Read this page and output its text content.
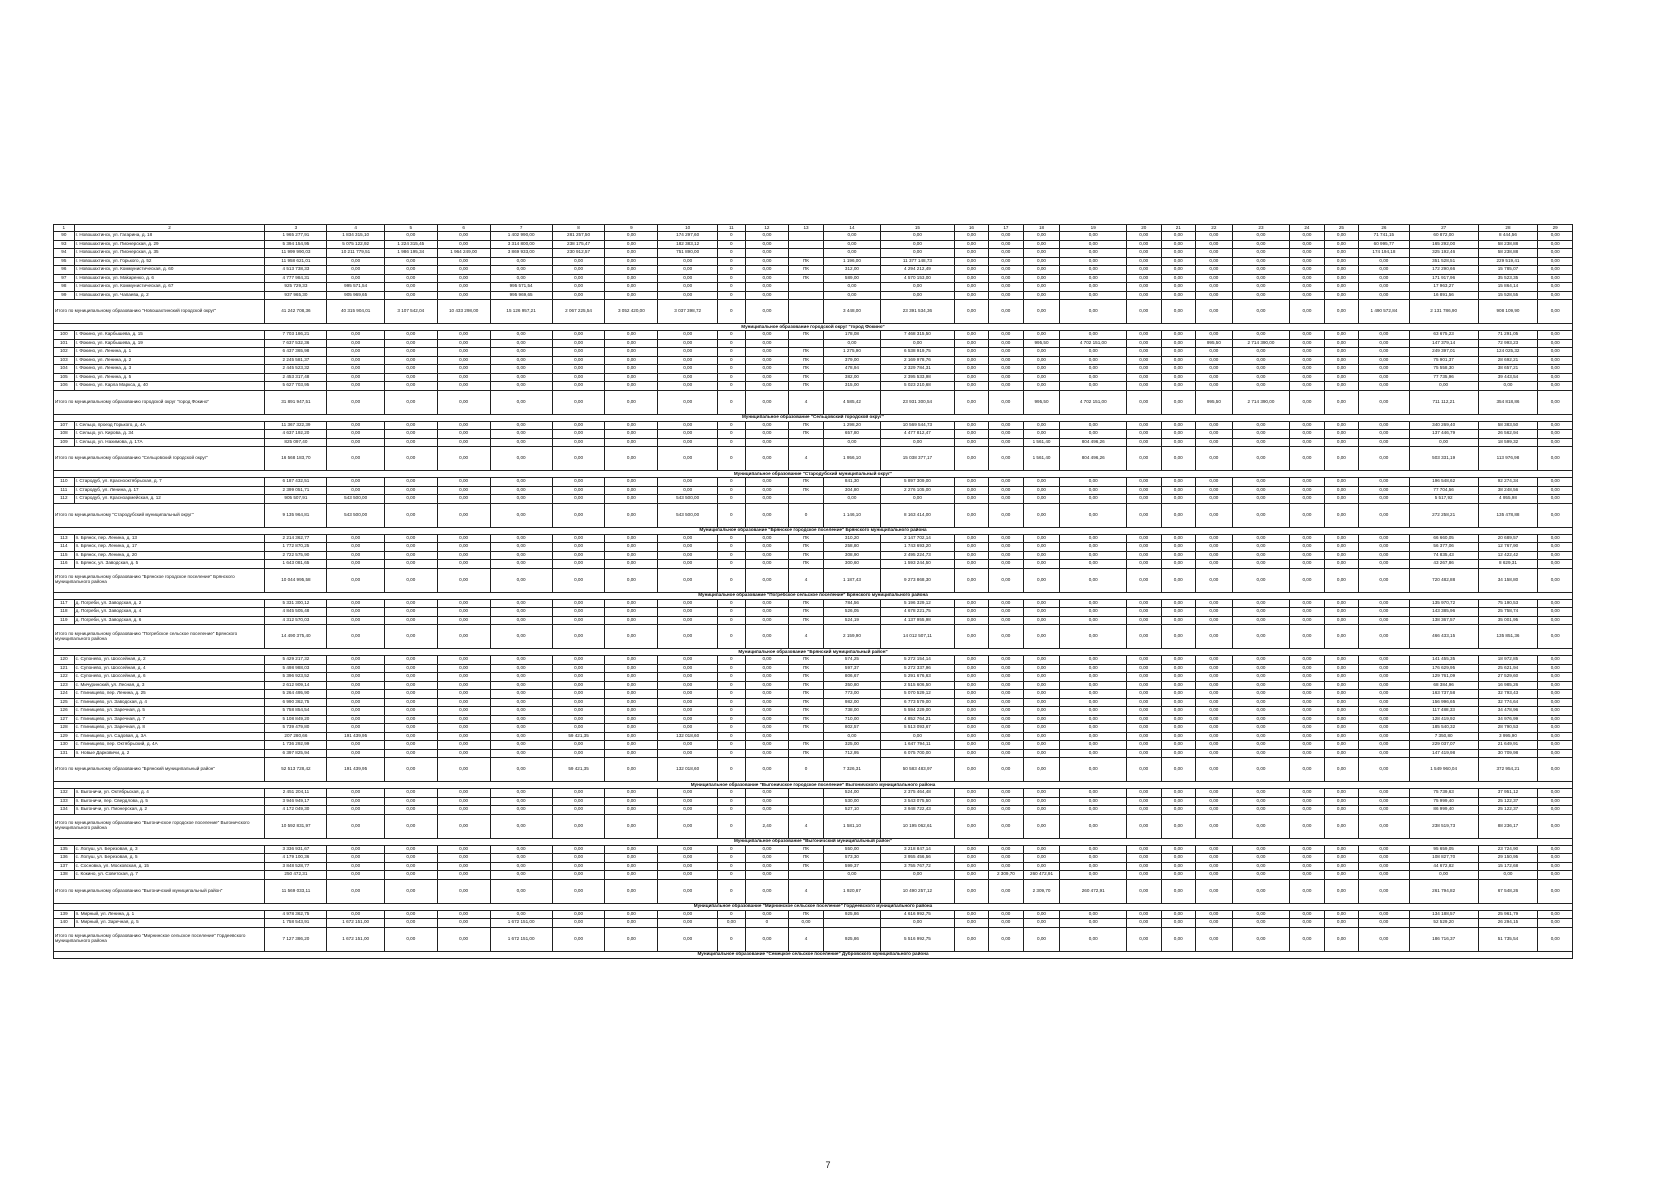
1	2	3	4	5	6	7	8	9	10	11	12	13	14	15	16	17	18	19	20	21	22	23	24	25	26	27	28	29
90	г. Новошахтинск, ул. Гагарина, д. 18	1 965 277,91	1 834 315,10	0,00	0,00	1 402 990,00	281 257,50	0,00	174 297,60	0	0,00		0,00	0,00	0,00	0,00	0,00	0,00	0,00	0,00	0,00	0,00	0,00	0,00	71 741,15	60 872,00	8 444,56	0,00
93	г. Новошахтинск, ул. Пионерская, д. 29	5 394 154,95	5 075 122,92	1 224 315,45	0,00	3 314 800,00	238 175,47	0,00	182 383,12	0	0,00		0,00	0,00	0,00	0,00	0,00	0,00	0,00	0,00	0,00	0,00	0,00	0,00	60 995,77	165 292,00	58 238,88	0,00
94	г. Новошахтинск, ул. Пионерская, д. 35	11 999 990,03	10 211 779,51	1 986 195,34	1 964 249,00	3 869 933,00	230 912,57	0,00	751 890,00	0	0,00		0,00	0,00	0,00	0,00	0,00	0,00	0,00	0,00	0,00	0,00	0,00	0,00	174 194,18	325 192,46	58 238,88	0,00
95	г. Новошахтинск, ул. Горького, д. 52	11 958 621,01	0,00	0,00	0,00	0,00	0,00	0,00	0,00	0	0,00	ПК	1 196,00	11 377 148,73	0,00	0,00	0,00	0,00	0,00	0,00	0,00	0,00	0,00	0,00	0,00	351 528,51	229 519,41	0,00
96	г. Новошахтинск, ул. Коммунистическая, д. 60	4 513 738,33	0,00	0,00	0,00	0,00	0,00	0,00	0,00	0	0,00	ПК	312,00	4 294 212,49	0,00	0,00	0,00	0,00	0,00	0,00	0,00	0,00	0,00	0,00	0,00	172 290,66	15 785,07	0,00
97	г. Новошахтинск, ул. Makаренко, д. 6	4 777 984,31	0,00	0,00	0,00	0,00	0,00	0,00	0,00	0	0,00	ПК	589,00	4 570 153,00	0,00	0,00	0,00	0,00	0,00	0,00	0,00	0,00	0,00	0,00	0,00	171 917,96	35 523,35	0,00
98	г. Новошахтинск, ул. Коммунистическая, д. 67	925 729,33	995 571,54	0,00	0,00	995 571,54	0,00	0,00	0,00	0	0,00		0,00	0,00	0,00	0,00	0,00	0,00	0,00	0,00	0,00	0,00	0,00	0,00	0,00	17 963,27	15 864,14	0,00
99	г. Новошахтинск, ул. Чапаева, д. 2	937 965,30	905 969,65	0,00	0,00	995 969,65	0,00	0,00	0,00	0	0,00		0,00	0,00	0,00	0,00	0,00	0,00	0,00	0,00	0,00	0,00	0,00	0,00	0,00	16 891,56	15 528,55	0,00
Итого по муниципальному образованию "Новошахтинский городской округ"		41 242 708,36	40 315 904,01	3 107 542,04	10 433 298,00	15 126 957,21	2 067 225,54	3 052 420,00	3 037 398,72	0	0,00		3 448,00	23 391 534,36	0,00	0,00	0,00	0,00	0,00	0,00	0,00	0,00	0,00	0,00	1 490 572,84	2 131 786,90	908 109,90	0,00
Муниципальное образование городской округ "город Фокино"																												
100	г. Фокино, ул. Карбышева, д. 15	7 703 186,21	0,00	0,00	0,00	0,00	0,00	0,00	0,00	0	0,00	ПК	178,08	7 468 315,50	0,00	0,00	0,00	0,00	0,00	0,00	0,00	0,00	0,00	0,00	0,00	63 675,23	71 291,05	0,00
101	г. Фокино, ул. Карбышева, д. 19	7 637 532,36	0,00	0,00	0,00	0,00	0,00	0,00	0,00	0	0,00		0,00	0,00	0,00	0,00	995,50	4 702 151,00	0,00	0,00	995,50	2 714 390,00	0,00	0,00	0,00	147 379,14	72 993,23	0,00
102	г. Фокино, ул. Ленина, д. 1	6 437 365,98	0,00	0,00	0,00	0,00	0,00	0,00	0,00	0	0,00	ПК	1 275,90	6 538 919,75	0,00	0,00	0,00	0,00	0,00	0,00	0,00	0,00	0,00	0,00	0,00	249 397,01	124 025,32	0,00
103	г. Фокино, ул. Ленина, д. 2	2 245 581,37	0,00	0,00	0,00	0,00	0,00	0,00	0,00	0	0,00	ПК	379,00	2 169 978,76	0,00	0,00	0,00	0,00	0,00	0,00	0,00	0,00	0,00	0,00	0,00	75 901,37	28 692,21	0,00
104	г. Фокино, ул. Ленина, д. 3	2 445 523,32	0,00	0,00	0,00	0,00	0,00	0,00	0,00	0	0,00	ПК	478,94	2 329 784,31	0,00	0,00	0,00	0,00	0,00	0,00	0,00	0,00	0,00	0,00	0,00	75 558,30	38 657,21	0,00
105	г. Фокино, ул. Ленина, д. 5	2 453 317,48	0,00	0,00	0,00	0,00	0,00	0,00	0,00	0	0,00	ПК	382,00	2 395 533,98	0,00	0,00	0,00	0,00	0,00	0,00	0,00	0,00	0,00	0,00	0,00	77 735,96	39 443,54	0,00
106	г. Фокино, ул. Карла Маркса, д. 40	5 627 703,95	0,00	0,00	0,00	0,00	0,00	0,00	0,00	0	0,00	ПК	315,00	5 023 210,68	0,00	0,00	0,00	0,00	0,00	0,00	0,00	0,00	0,00	0,00	0,00	0,00	0,00	0,00
Итого по муниципальному образованию городской округ "город Фокино"		31 891 947,51	0,00	0,00	0,00	0,00	0,00	0,00	0,00	0	0,00	4	4 585,42	23 931 300,54	0,00	0,00	995,50	4 702 151,00	0,00	0,00	995,50	2 714 390,00	0,00	0,00	0,00	711 112,21	354 818,86	0,00
Муниципальное образование "Сельцовский городской округ"																												
107	г. Сельцо, проезд Горького, д. 4А	11 367 322,39	0,00	0,00	0,00	0,00	0,00	0,00	0,00	0	0,00	ПК	1 298,20	10 569 544,73	0,00	0,00	0,00	0,00	0,00	0,00	0,00	0,00	0,00	0,00	0,00	340 269,40	58 383,50	0,00
108	г. Сельцо, ул. Кирова, д. 34	4 637 192,20	0,00	0,00	0,00	0,00	0,00	0,00	0,00	0	0,00	ПК	657,80	4 477 812,47	0,00	0,00	0,00	0,00	0,00	0,00	0,00	0,00	0,00	0,00	0,00	137 446,79	26 562,94	0,00
109	г. Сельцо, ул. Нахимова, д. 17А	825 097,40	0,00	0,00	0,00	0,00	0,00	0,00	0,00	0	0,00		0,00	0,00	0,00	0,00	1 561,40	804 496,26	0,00	0,00	0,00	0,00	0,00	0,00	0,00	0,00	18 599,32	0,00
Итого по муниципальному образованию "Сельцовский городской округ"		16 568 183,70	0,00	0,00	0,00	0,00	0,00	0,00	0,00	0	0,00	4	1 956,10	15 038 377,17	0,00	0,00	1 561,40	804 496,26	0,00	0,00	0,00	0,00	0,00	0,00	0,00	503 331,19	113 976,98	0,00
Муниципальное образование "Стародубский муниципальный округ"																												
110	г. Стародуб, ул. Краснооктябрьская, д. 7	6 187 432,51	0,00	0,00	0,00	0,00	0,00	0,00	0,00	0	0,00	ПК	841,30	5 897 309,00	0,00	0,00	0,00	0,00	0,00	0,00	0,00	0,00	0,00	0,00	0,00	196 548,62	92 274,34	0,00
111	г. Стародуб, ул. Ленина, д. 17	2 399 051,71	0,00	0,00	0,00	0,00	0,00	0,00	0,00	0	0,00	ПК	304,80	2 276 105,00	0,00	0,00	0,00	0,00	0,00	0,00	0,00	0,00	0,00	0,00	0,00	77 704,56	38 248,56	0,00
112	г. Стародуб, ул. Красноармейская, д. 12	905 507,91	543 500,00	0,00	0,00	0,00	0,00	0,00	543 500,00	0	0,00		0,00	0,00	0,00	0,00	0,00	0,00	0,00	0,00	0,00	0,00	0,00	0,00	0,00	5 517,92	4 955,98	0,00
Итого по муниципальному "Стародубский муниципальный округ"		9 135 964,81	543 500,00	0,00	0,00	0,00	0,00	0,00	543 500,00	0	0,00	0	1 146,10	8 163 414,00	0,00	0,00	0,00	0,00	0,00	0,00	0,00	0,00	0,00	0,00	0,00	272 258,21	135 478,88	0,00
Муниципальное образование "Брянское городское поселение" Брянского муниципального района																												
113	п. Брянск, пер. Ленина, д. 13	2 214 362,77	0,00	0,00	0,00	0,00	0,00	0,00	0,00	0	0,00	ПК	310,20	2 147 702,14	0,00	0,00	0,00	0,00	0,00	0,00	0,00	0,00	0,00	0,00	0,00	66 660,05	20 689,57	0,00
114	п. Брянск, пер. Ленина, д. 17	1 772 870,25	0,00	0,00	0,00	0,00	0,00	0,00	0,00	0	0,00	ПК	258,80	1 743 693,20	0,00	0,00	0,00	0,00	0,00	0,00	0,00	0,00	0,00	0,00	0,00	56 377,06	12 767,90	0,00
115	п. Брянск, пер. Ленина, д. 20	2 722 575,90	0,00	0,00	0,00	0,00	0,00	0,00	0,00	0	0,00	ПК	308,90	2 495 224,73	0,00	0,00	0,00	0,00	0,00	0,00	0,00	0,00	0,00	0,00	0,00	74 835,43	12 422,42	0,00
116	п. Брянск, ул. Заводская, д. 5	1 643 081,65	0,00	0,00	0,00	0,00	0,00	0,00	0,00	0	0,00	ПК	300,60	1 593 244,50	0,00	0,00	0,00	0,00	0,00	0,00	0,00	0,00	0,00	0,00	0,00	43 267,86	8 629,31	0,00
Итого по муниципальному образованию "Брянское городское поселение" Брянского муниципального района		10 044 995,58	0,00	0,00	0,00	0,00	0,00	0,00	0,00	0	0,00	4	1 187,43	9 273 868,30	0,00	0,00	0,00	0,00	0,00	0,00	0,00	0,00	0,00	0,00	0,00	720 482,88	34 158,80	0,00
Муниципальное образование "Погребское сельское поселение" Брянского муниципального района																												
117	д. Погреби, ул. Заводская, д. 2	5 331 300,12	0,00	0,00	0,00	0,00	0,00	0,00	0,00	0	0,00	ПК	784,56	5 196 329,12	0,00	0,00	0,00	0,00	0,00	0,00	0,00	0,00	0,00	0,00	0,00	135 970,72	75 190,53	0,00
118	д. Погреби, ул. Заводская, д. 4	4 845 505,48	0,00	0,00	0,00	0,00	0,00	0,00	0,00	0	0,00	ПК	526,05	4 678 221,75	0,00	0,00	0,00	0,00	0,00	0,00	0,00	0,00	0,00	0,00	0,00	143 385,96	25 758,74	0,00
119	д. Погреби, ул. Заводская, д. 6	4 312 570,03	0,00	0,00	0,00	0,00	0,00	0,00	0,00	0	0,00	ПК	524,19	4 137 955,98	0,00	0,00	0,00	0,00	0,00	0,00	0,00	0,00	0,00	0,00	0,00	138 367,57	35 001,95	0,00
Итого по муниципальному образованию "Погребское сельское поселение" Брянского муниципального района		14 490 375,40	0,00	0,00	0,00	0,00	0,00	0,00	0,00	0	0,00	4	2 159,90	14 012 507,11	0,00	0,00	0,00	0,00	0,00	0,00	0,00	0,00	0,00	0,00	0,00	466 433,15	135 851,36	0,00
Муниципальное образование "Брянский муниципальный район"																												
120	с. Супонево, ул. Шоссейная, д. 2	5 429 217,32	0,00	0,00	0,00	0,00	0,00	0,00	0,00	0	0,00	ПК	574,25	5 272 154,14	0,00	0,00	0,00	0,00	0,00	0,00	0,00	0,00	0,00	0,00	0,00	141 455,35	18 972,85	0,00
121	с. Супонево, ул. Шоссейная, д. 4	5 498 988,03	0,00	0,00	0,00	0,00	0,00	0,00	0,00	0	0,00	ПК	597,37	5 272 337,96	0,00	0,00	0,00	0,00	0,00	0,00	0,00	0,00	0,00	0,00	0,00	176 629,95	25 621,94	0,00
122	с. Супонево, ул. Шоссейная, д. 6	5 396 923,52	0,00	0,00	0,00	0,00	0,00	0,00	0,00	0	0,00	ПК	806,67	5 291 676,63	0,00	0,00	0,00	0,00	0,00	0,00	0,00	0,00	0,00	0,00	0,00	129 761,09	27 529,60	0,00
123	с. Мичуринский, ул. Лесная, д. 3	2 612 909,14	0,00	0,00	0,00	0,00	0,00	0,00	0,00	0	0,00	ПК	350,80	2 515 606,50	0,00	0,00	0,00	0,00	0,00	0,00	0,00	0,00	0,00	0,00	0,00	68 384,96	16 985,26	0,00
124	с. Глинищево, пер. Ленина, д. 25	5 264 495,90	0,00	0,00	0,00	0,00	0,00	0,00	0,00	0	0,00	ПК	773,00	5 070 529,12	0,00	0,00	0,00	0,00	0,00	0,00	0,00	0,00	0,00	0,00	0,00	163 737,58	32 793,43	0,00
125	с. Глинищево, ул. Заводская, д. 4	6 990 362,75	0,00	0,00	0,00	0,00	0,00	0,00	0,00	0	0,00	ПК	982,00	6 773 579,00	0,00	0,00	0,00	0,00	0,00	0,00	0,00	0,00	0,00	0,00	0,00	156 996,65	32 774,64	0,00
126	с. Глинищево, ул. Заречная, д. 5	5 758 854,54	0,00	0,00	0,00	0,00	0,00	0,00	0,00	0	0,00	ПК	738,00	5 594 229,00	0,00	0,00	0,00	0,00	0,00	0,00	0,00	0,00	0,00	0,00	0,00	117 488,33	34 478,96	0,00
127	с. Глинищево, ул. Заречная, д. 7	5 108 849,20	0,00	0,00	0,00	0,00	0,00	0,00	0,00	0	0,00	ПК	710,00	4 852 764,21	0,00	0,00	0,00	0,00	0,00	0,00	0,00	0,00	0,00	0,00	0,00	128 419,92	34 976,99	0,00
128	с. Глинищево, ул. Заречная, д. 8	5 739 479,80	0,00	0,00	0,00	0,00	0,00	0,00	0,00	0	0,00	ПК	802,57	5 513 093,67	0,00	0,00	0,00	0,00	0,00	0,00	0,00	0,00	0,00	0,00	0,00	185 540,32	28 790,53	0,00
129	с. Глинищево, ул. Садовая, д. 3А	207 280,66	191 439,95	0,00	0,00	0,00	59 421,35	0,00	132 018,60	0	0,00		0,00	0,00	0,00	0,00	0,00	0,00	0,00	0,00	0,00	0,00	0,00	0,00	0,00	7 350,80	3 995,90	0,00
130	с. Глинищево, пер. Октябрьский, д. 4А	1 736 292,99	0,00	0,00	0,00	0,00	0,00	0,00	0,00	0	0,00	ПК	325,00	1 647 794,11	0,00	0,00	0,00	0,00	0,00	0,00	0,00	0,00	0,00	0,00	0,00	229 037,07	21 649,91	0,00
131	п. Новые Дарковичи, д. 2	6 397 825,94	0,00	0,00	0,00	0,00	0,00	0,00	0,00	0	0,00	ПК	712,95	6 075 700,00	0,00	0,00	0,00	0,00	0,00	0,00	0,00	0,00	0,00	0,00	0,00	147 419,98	30 709,98	0,00
Итого по муниципальному образованию "Брянский муниципальный район"		52 513 728,42	191 439,95	0,00	0,00	0,00	59 421,35	0,00	132 018,60	0	0,00	0	7 326,31	50 583 483,97	0,00	0,00	0,00	0,00	0,00	0,00	0,00	0,00	0,00	0,00	0,00	1 549 960,04	372 954,21	0,00
Муниципальное образование "Выгоничское городское поселение" Выгоничского муниципального района																												
132	п. Выгоничи, ул. Октябрьская, д. 4	2 451 204,11	0,00	0,00	0,00	0,00	0,00	0,00	0,00	0	0,00		524,00	2 375 464,48	0,00	0,00	0,00	0,00	0,00	0,00	0,00	0,00	0,00	0,00	0,00	75 739,63	37 951,12	0,00
133	п. Выгоничи, пер. Свердлова, д. 5	3 946 949,17	0,00	0,00	0,00	0,00	0,00	0,00	0,00	0	0,00		530,00	3 543 075,50	0,00	0,00	0,00	0,00	0,00	0,00	0,00	0,00	0,00	0,00	0,00	75 999,40	25 122,37	0,00
134	п. Выгоничи, ул. Пионерская, д. 2	4 172 049,30	0,00	0,00	0,00	0,00	0,00	0,00	0,00	0	0,00		527,10	3 948 722,43	0,00	0,00	0,00	0,00	0,00	0,00	0,00	0,00	0,00	0,00	0,00	86 999,40	25 122,37	0,00
Итого по муниципальному образованию "Выгоничское городское поселение" Выгоничского муниципального района		10 592 831,97	0,00	0,00	0,00	0,00	0,00	0,00	0,00	0	2,40	4	1 581,10	10 195 062,61	0,00	0,00	0,00	0,00	0,00	0,00	0,00	0,00	0,00	0,00	0,00	238 519,73	88 236,17	0,00
Муниципальное образование "Выгоничский муниципальный район"																												
135	с. Лопуш, ул. Березовая, д. 3	3 336 931,67	0,00	0,00	0,00	0,00	0,00	0,00	0,00	0	0,00	ПК	550,00	3 218 847,14	0,00	0,00	0,00	0,00	0,00	0,00	0,00	0,00	0,00	0,00	0,00	95 659,05	23 724,90	0,00
136	с. Лопуш, ул. Березовая, д. 5	4 179 100,36	0,00	0,00	0,00	0,00	0,00	0,00	0,00	0	0,00	ПК	573,30	3 955 456,56	0,00	0,00	0,00	0,00	0,00	0,00	0,00	0,00	0,00	0,00	0,00	108 827,70	29 150,95	0,00
137	с. Сосновка, ул. Московская, д. 15	3 848 528,77	0,00	0,00	0,00	0,00	0,00	0,00	0,00	0	0,00	ПК	599,37	3 755 767,72	0,00	0,00	0,00	0,00	0,00	0,00	0,00	0,00	0,00	0,00	0,00	44 672,82	15 172,68	0,00
138	с. Кокино, ул. Советская, д. 7	250 472,31	0,00	0,00	0,00	0,00	0,00	0,00	0,00	0	0,00		0,00	0,00	0,00	2 309,70	260 472,91	0,00	0,00	0,00	0,00	0,00	0,00	0,00	0,00	0,00	0,00	0,00
Итого по муниципальному образованию "Выгоничский муниципальный район"		11 569 033,11	0,00	0,00	0,00	0,00	0,00	0,00	0,00	0	0,00	4	1 920,67	10 490 257,12	0,00	0,00	2 309,70	260 472,91	0,00	0,00	0,00	0,00	0,00	0,00	0,00	261 794,82	67 548,26	0,00
Муниципальное образование "Мирнинское сельское поселение" Гордеевского муниципального района																												
139	п. Мирный, ул. Ленина, д. 1	4 978 362,75	0,00	0,00	0,00	0,00	0,00	0,00	0,00	0	0,00	ПК	925,86	4 616 992,75	0,00	0,00	0,00	0,00	0,00	0,00	0,00	0,00	0,00	0,00	0,00	134 188,57	25 961,79	0,00
140	п. Мирный, ул. Заречная, д. 5	1 758 543,91	1 672 151,00	0,00	0,00	1 672 151,00	0,00	0,00	0,00	0,00	0	0,00		0,00	0,00	0,00	0,00	0,00	0,00	0,00	0,00	0,00	0,00	0,00	0,00	52 529,20	26 294,15	0,00
Итого по муниципальному образованию "Мирнинское сельское поселение" Гордеевского муниципального района		7 127 386,20	1 672 151,00	0,00	0,00	1 672 151,00	0,00	0,00	0,00	0	0,00	4	925,86	5 516 992,75	0,00	0,00	0,00	0,00	0,00	0,00	0,00	0,00	0,00	0,00	0,00	186 716,37	51 735,54	0,00
Муниципальное образование "Семецкое сельское поселение" Дубровского муниципального района																												
7
